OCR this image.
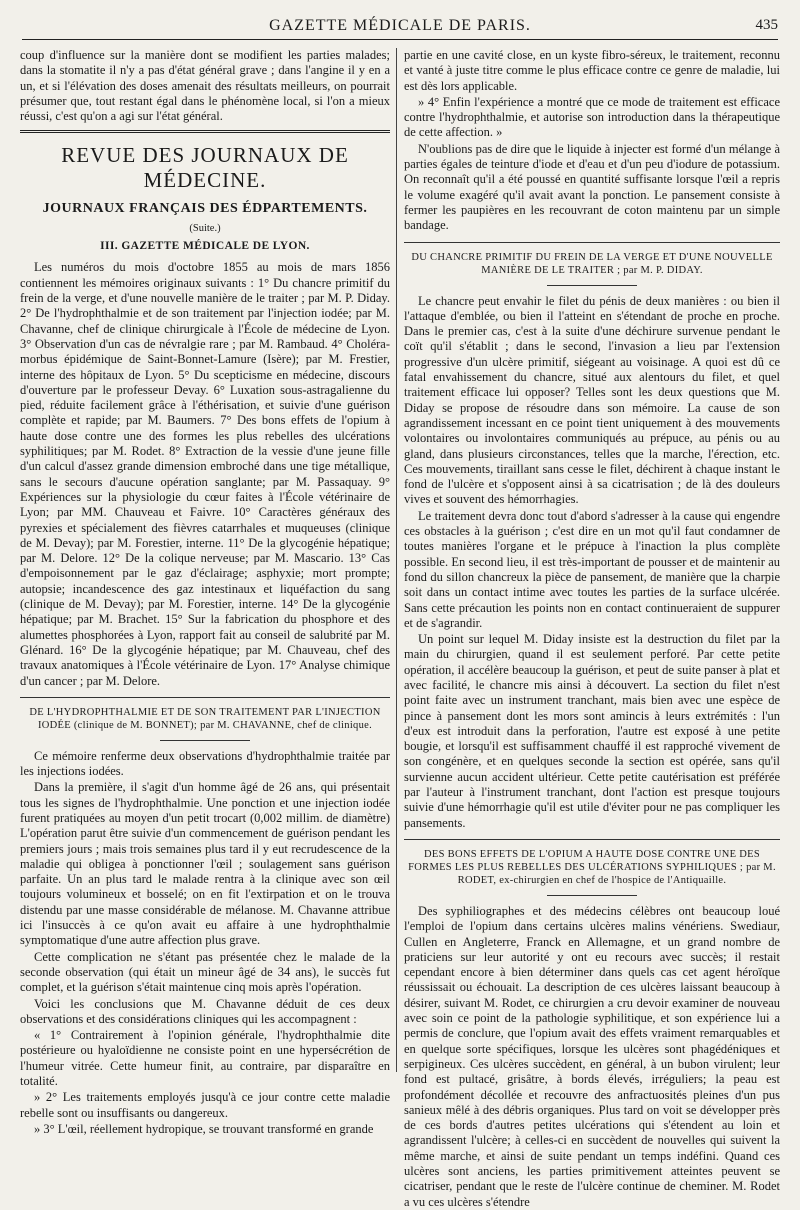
GAZETTE MÉDICALE DE PARIS.	435

coup d'influence sur la manière dont se modifient les parties malades; dans la stomatite il n'y a pas d'état général grave ; dans l'angine il y en a un, et si l'élévation des doses amenait des résultats meilleurs, on pourrait présumer que, tout restant égal dans le phénomène local, si l'on a mieux réussi, c'est qu'on a agi sur l'état général.

REVUE DES JOURNAUX DE MÉDECINE.
JOURNAUX FRANÇAIS DES ÉDPARTEMENTS.
(Suite.)
III. GAZETTE MÉDICALE DE LYON.

Les numéros du mois d'octobre 1855 au mois de mars 1856 contiennent les mémoires originaux suivants : 1° Du chancre primitif du frein de la verge, et d'une nouvelle manière de le traiter ; par M. P. Diday. 2° De l'hydrophthalmie et de son traitement par l'injection iodée; par M. Chavanne, chef de clinique chirurgicale à l'École de médecine de Lyon. 3° Observation d'un cas de névralgie rare ; par M. Rambaud. 4° Choléra-morbus épidémique de Saint-Bonnet-Lamure (Isère); par M. Frestier, interne des hôpitaux de Lyon. 5° Du scepticisme en médecine, discours d'ouverture par le professeur Devay. 6° Luxation sous-astragalienne du pied, réduite facilement grâce à l'éthérisation, et suivie d'une guérison complète et rapide; par M. Baumers. 7° Des bons effets de l'opium à haute dose contre une des formes les plus rebelles des ulcérations syphilitiques; par M. Rodet. 8° Extraction de la vessie d'une jeune fille d'un calcul d'assez grande dimension embroché dans une tige métallique, sans le secours d'aucune opération sanglante; par M. Passaquay. 9° Expériences sur la physiologie du cœur faites à l'École vétérinaire de Lyon; par MM. Chauveau et Faivre. 10° Caractères généraux des pyrexies et spécialement des fièvres catarrhales et muqueuses (clinique de M. Devay); par M. Forestier, interne. 11° De la glycogénie hépatique; par M. Delore. 12° De la colique nerveuse; par M. Mascario. 13° Cas d'empoisonnement par le gaz d'éclairage; asphyxie; mort prompte; autopsie; incandescence des gaz intestinaux et liquéfaction du sang (clinique de M. Devay); par M. Forestier, interne. 14° De la glycogénie hépatique; par M. Brachet. 15° Sur la fabrication du phosphore et des alumettes phosphorées à Lyon, rapport fait au conseil de salubrité par M. Glénard. 16° De la glycogénie hépatique; par M. Chauveau, chef des travaux anatomiques à l'École vétérinaire de Lyon. 17° Analyse chimique d'un cancer ; par M. Delore.

DE L'HYDROPHTHALMIE ET DE SON TRAITEMENT PAR L'INJECTION IODÉE (clinique de M. BONNET); par M. CHAVANNE, chef de clinique.

Ce mémoire renferme deux observations d'hydrophthalmie traitée par les injections iodées.

Dans la première, il s'agit d'un homme âgé de 26 ans, qui présentait tous les signes de l'hydrophthalmie. Une ponction et une injection iodée furent pratiquées au moyen d'un petit trocart (0,002 millim. de diamètre) L'opération parut être suivie d'un commencement de guérison pendant les premiers jours ; mais trois semaines plus tard il y eut recrudescence de la maladie qui obligea à ponctionner l'œil ; soulagement sans guérison parfaite. Un an plus tard le malade rentra à la clinique avec son œil toujours volumineux et bosselé; on en fit l'extirpation et on le trouva distendu par une masse considérable de mélanose. M. Chavanne attribue ici l'insuccès à ce qu'on avait eu affaire à une hydrophthalmie symptomatique d'une autre affection plus grave.

Cette complication ne s'étant pas présentée chez le malade de la seconde observation (qui était un mineur âgé de 34 ans), le succès fut complet, et la guérison s'était maintenue cinq mois après l'opération.

Voici les conclusions que M. Chavanne déduit de ces deux observations et des considérations cliniques qui les accompagnent :

« 1° Contrairement à l'opinion générale, l'hydrophthalmie dite postérieure ou hyaloïdienne ne consiste point en une hypersécrétion de l'humeur vitrée. Cette humeur finit, au contraire, par disparaître en totalité.

» 2° Les traitements employés jusqu'à ce jour contre cette maladie rebelle sont ou insuffisants ou dangereux.

» 3° L'œil, réellement hydropique, se trouvant transformé en grande

partie en une cavité close, en un kyste fibro-séreux, le traitement, reconnu et vanté à juste titre comme le plus efficace contre ce genre de maladie, lui est dès lors applicable.

» 4° Enfin l'expérience a montré que ce mode de traitement est efficace contre l'hydrophthalmie, et autorise son introduction dans la thérapeutique de cette affection. »

N'oublions pas de dire que le liquide à injecter est formé d'un mélange à parties égales de teinture d'iode et d'eau et d'un peu d'iodure de potassium. On reconnaît qu'il a été poussé en quantité suffisante lorsque l'œil a repris le volume exagéré qu'il avait avant la ponction. Le pansement consiste à fermer les paupières en les recouvrant de coton maintenu par un simple bandage.

DU CHANCRE PRIMITIF DU FREIN DE LA VERGE ET D'UNE NOUVELLE MANIÈRE DE LE TRAITER ; par M. P. DIDAY.

Le chancre peut envahir le filet du pénis de deux manières : ou bien il l'attaque d'emblée, ou bien il l'atteint en s'étendant de proche en proche. Dans le premier cas, c'est à la suite d'une déchirure survenue pendant le coït qu'il s'établit ; dans le second, l'invasion a lieu par l'extension progressive d'un ulcère primitif, siégeant au voisinage. A quoi est dû ce fatal envahissement du chancre, situé aux alentours du filet, et quel traitement efficace lui opposer? Telles sont les deux questions que M. Diday se propose de résoudre dans son mémoire. La cause de son agrandissement incessant en ce point tient uniquement à des mouvements volontaires ou involontaires communiqués au prépuce, au pénis ou au gland, dans plusieurs circonstances, telles que la marche, l'érection, etc. Ces mouvements, tiraillant sans cesse le filet, déchirent à chaque instant le fond de l'ulcère et s'opposent ainsi à sa cicatrisation ; de là des douleurs vives et souvent des hémorrhagies.

Le traitement devra donc tout d'abord s'adresser à la cause qui engendre ces obstacles à la guérison ; c'est dire en un mot qu'il faut condamner de toutes manières l'organe et le prépuce à l'inaction la plus complète possible. En second lieu, il est très-important de pousser et de maintenir au fond du sillon chancreux la pièce de pansement, de manière que la charpie soit dans un contact intime avec toutes les parties de la surface ulcérée. Sans cette précaution les points non en contact continueraient de suppurer et de s'agrandir.

Un point sur lequel M. Diday insiste est la destruction du filet par la main du chirurgien, quand il est seulement perforé. Par cette petite opération, il accélère beaucoup la guérison, et peut de suite panser à plat et avec facilité, le chancre mis ainsi à découvert. La section du filet n'est point faite avec un instrument tranchant, mais bien avec une espèce de pince à pansement dont les mors sont amincis à leurs extrémités : l'un d'eux est introduit dans la perforation, l'autre est exposé à une petite bougie, et lorsqu'il est suffisamment chauffé il est rapproché vivement de son congénère, et en quelques seconde la section est opérée, sans qu'il survienne aucun accident ultérieur. Cette petite cautérisation est préférée par l'auteur à l'instrument tranchant, dont l'action est presque toujours suivie d'une hémorrhagie qu'il est utile d'éviter pour ne pas compliquer les pansements.

DES BONS EFFETS DE L'OPIUM A HAUTE DOSE CONTRE UNE DES FORMES LES PLUS REBELLES DES ULCÉRATIONS SYPHILIQUES ; par M. RODET, ex-chirurgien en chef de l'hospice de l'Antiquaille.

Des syphiliographes et des médecins célèbres ont beaucoup loué l'emploi de l'opium dans certains ulcères malins vénériens. Swediaur, Cullen en Angleterre, Franck en Allemagne, et un grand nombre de praticiens sur leur autorité y ont eu recours avec succès; il restait cependant encore à bien déterminer dans quels cas cet agent héroïque réussissait ou échouait. La description de ces ulcères laissant beaucoup à désirer, suivant M. Rodet, ce chirurgien a cru devoir examiner de nouveau avec soin ce point de la pathologie syphilitique, et son expérience lui a permis de conclure, que l'opium avait des effets vraiment remarquables et en quelque sorte spécifiques, lorsque les ulcères sont phagédéniques et serpigineux. Ces ulcères succèdent, en général, à un bubon virulent; leur fond est pultacé, grisâtre, à bords élevés, irréguliers; la peau est profondément décollée et recouvre des anfractuosités pleines d'un pus sanieux mêlé à des débris organiques. Plus tard on voit se développer près de ces bords d'autres petites ulcérations qui s'étendent au loin et agrandissent l'ulcère; à celles-ci en succèdent de nouvelles qui suivent la même marche, et ainsi de suite pendant un temps indéfini. Quand ces ulcères sont anciens, les parties primitivement atteintes peuvent se cicatriser, pendant que le reste de l'ulcère continue de cheminer. M. Rodet a vu ces ulcères s'étendre
